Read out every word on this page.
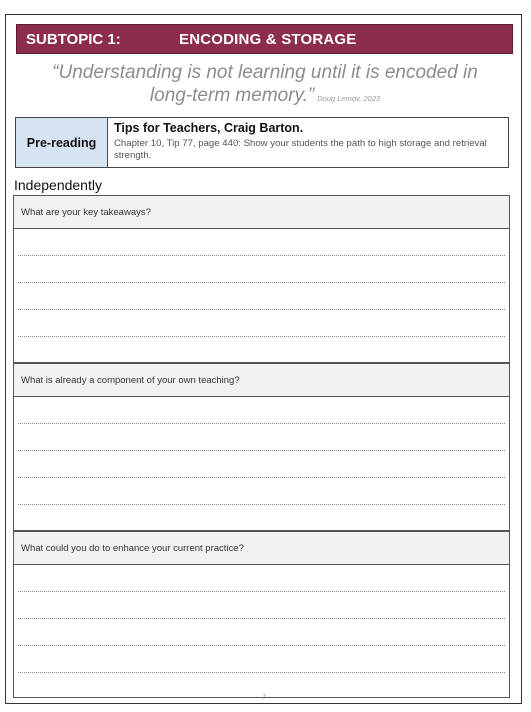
SUBTOPIC 1:	ENCODING & STORAGE
“Understanding is not learning until it is encoded in long-term memory.” Doug Lemov, 2023
Pre-reading
Tips for Teachers, Craig Barton.
Chapter 10, Tip 77, page 440: Show your students the path to high storage and retrieval strength.
Independently
What are your key takeaways?
What is already a component of your own teaching?
What could you do to enhance your current practice?
7
